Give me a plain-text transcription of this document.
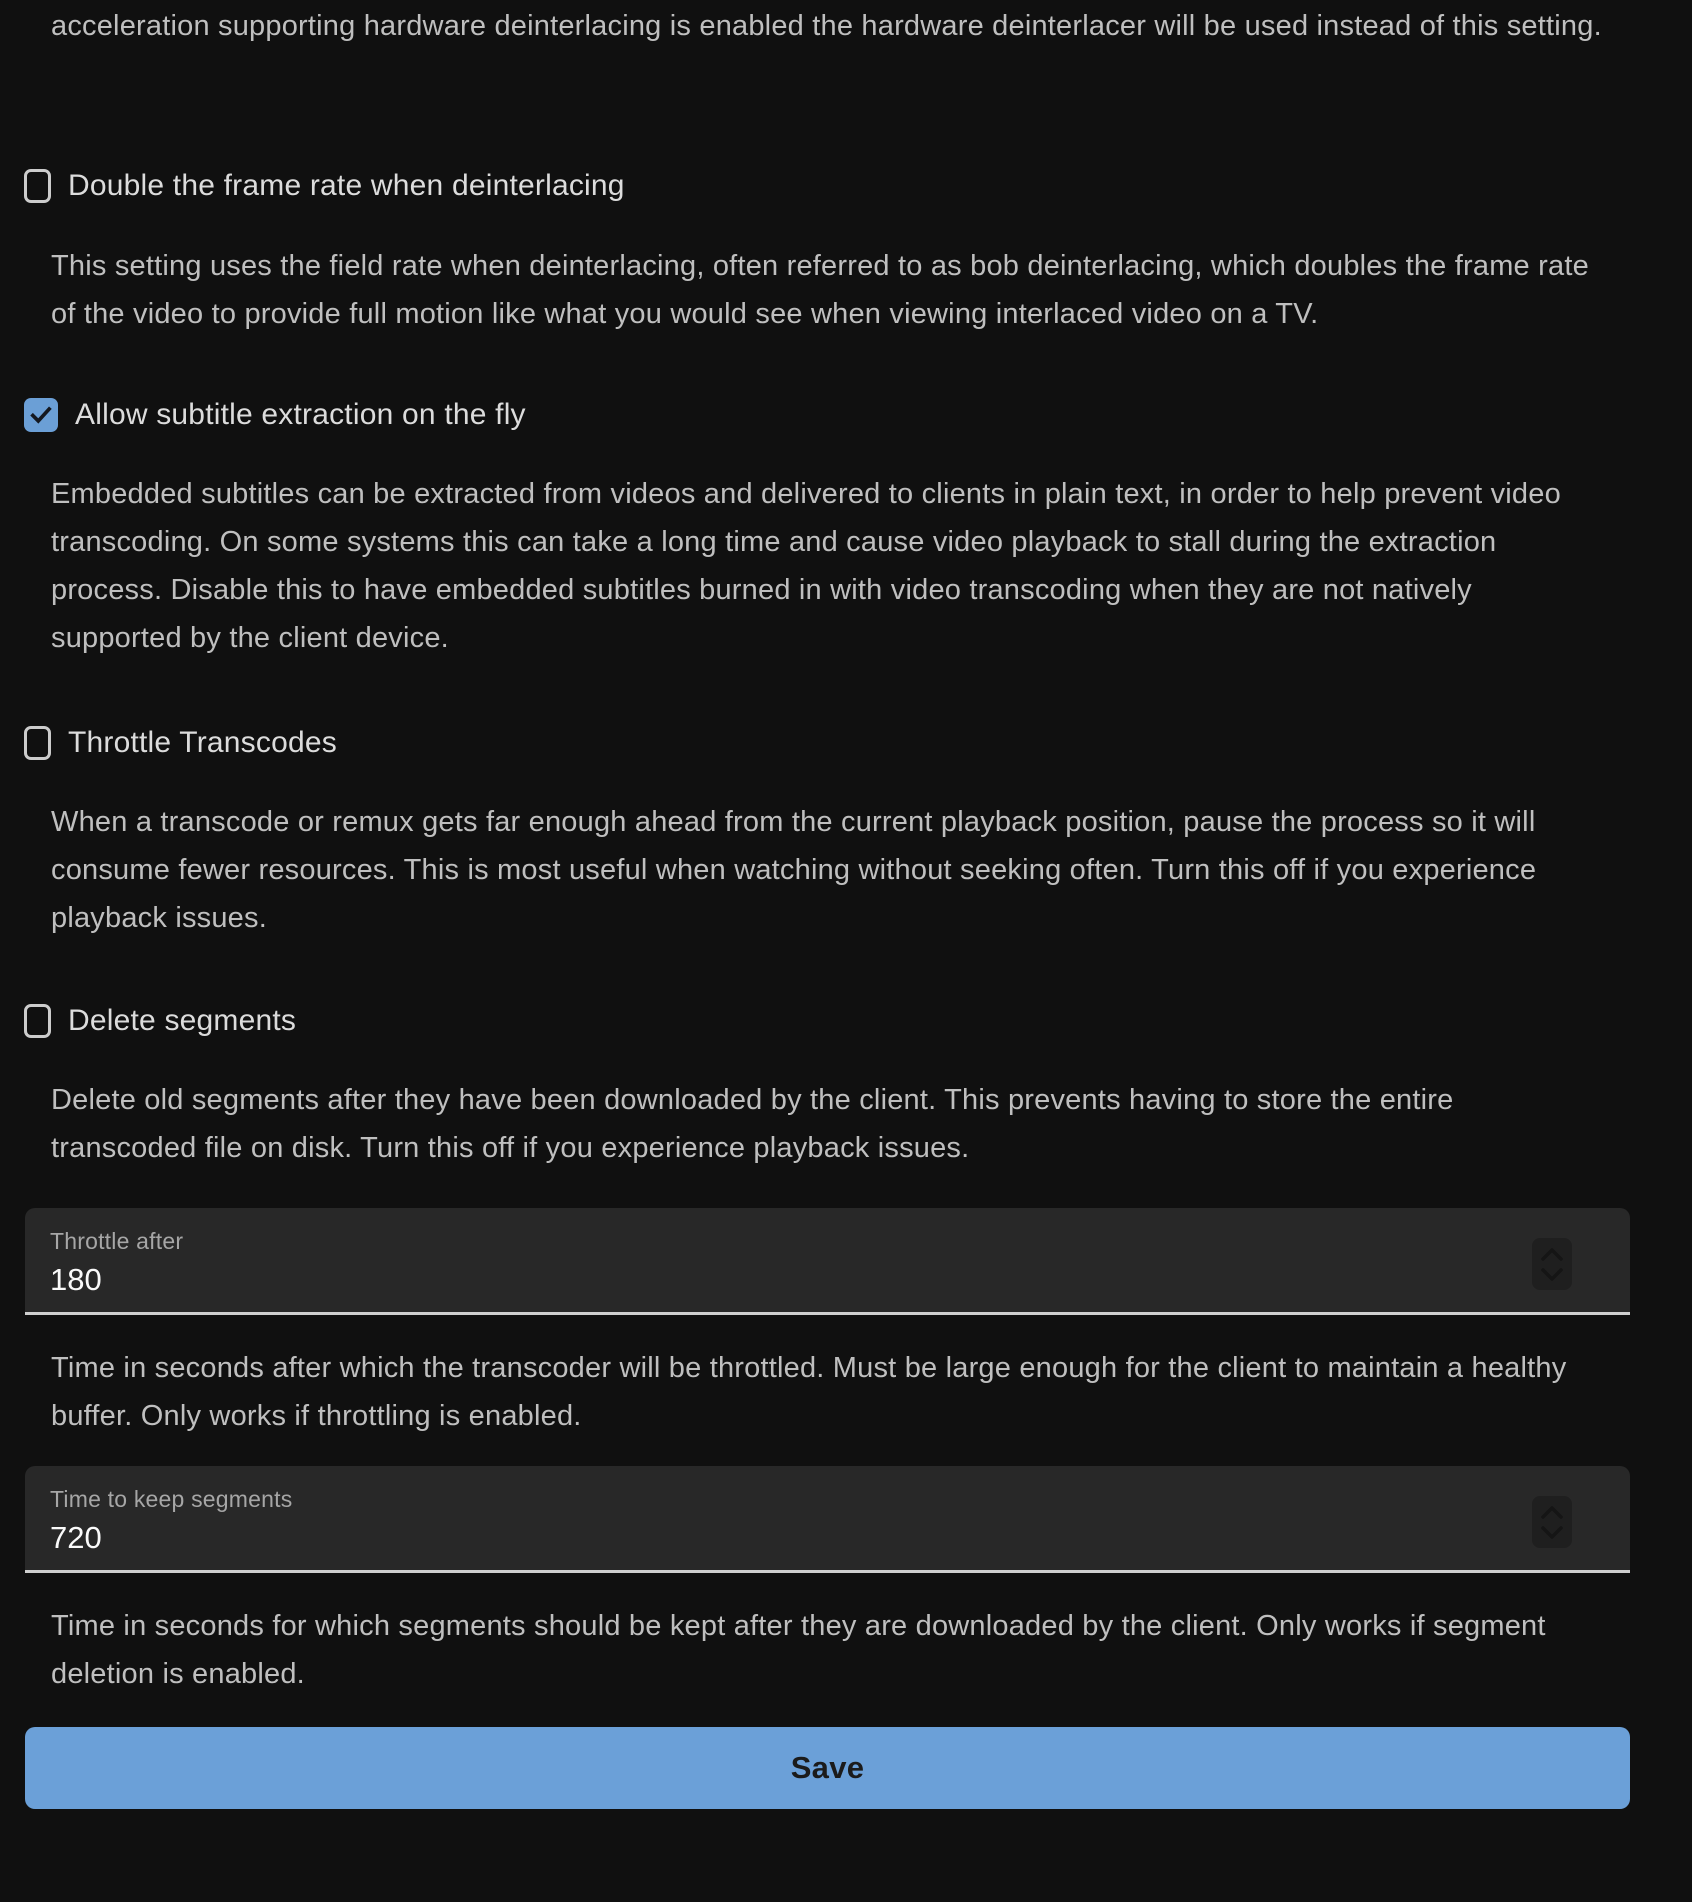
acceleration supporting hardware deinterlacing is enabled the hardware deinterlacer will be used instead of this setting.

Double the frame rate when deinterlacing

This setting uses the field rate when deinterlacing, often referred to as bob deinterlacing, which doubles the frame rate of the video to provide full motion like what you would see when viewing interlaced video on a TV.

Allow subtitle extraction on the fly

Embedded subtitles can be extracted from videos and delivered to clients in plain text, in order to help prevent video transcoding. On some systems this can take a long time and cause video playback to stall during the extraction process. Disable this to have embedded subtitles burned in with video transcoding when they are not natively supported by the client device.

Throttle Transcodes

When a transcode or remux gets far enough ahead from the current playback position, pause the process so it will consume fewer resources. This is most useful when watching without seeking often. Turn this off if you experience playback issues.

Delete segments

Delete old segments after they have been downloaded by the client. This prevents having to store the entire transcoded file on disk. Turn this off if you experience playback issues.

Throttle after
180

Time in seconds after which the transcoder will be throttled. Must be large enough for the client to maintain a healthy buffer. Only works if throttling is enabled.

Time to keep segments
720

Time in seconds for which segments should be kept after they are downloaded by the client. Only works if segment deletion is enabled.

Save
